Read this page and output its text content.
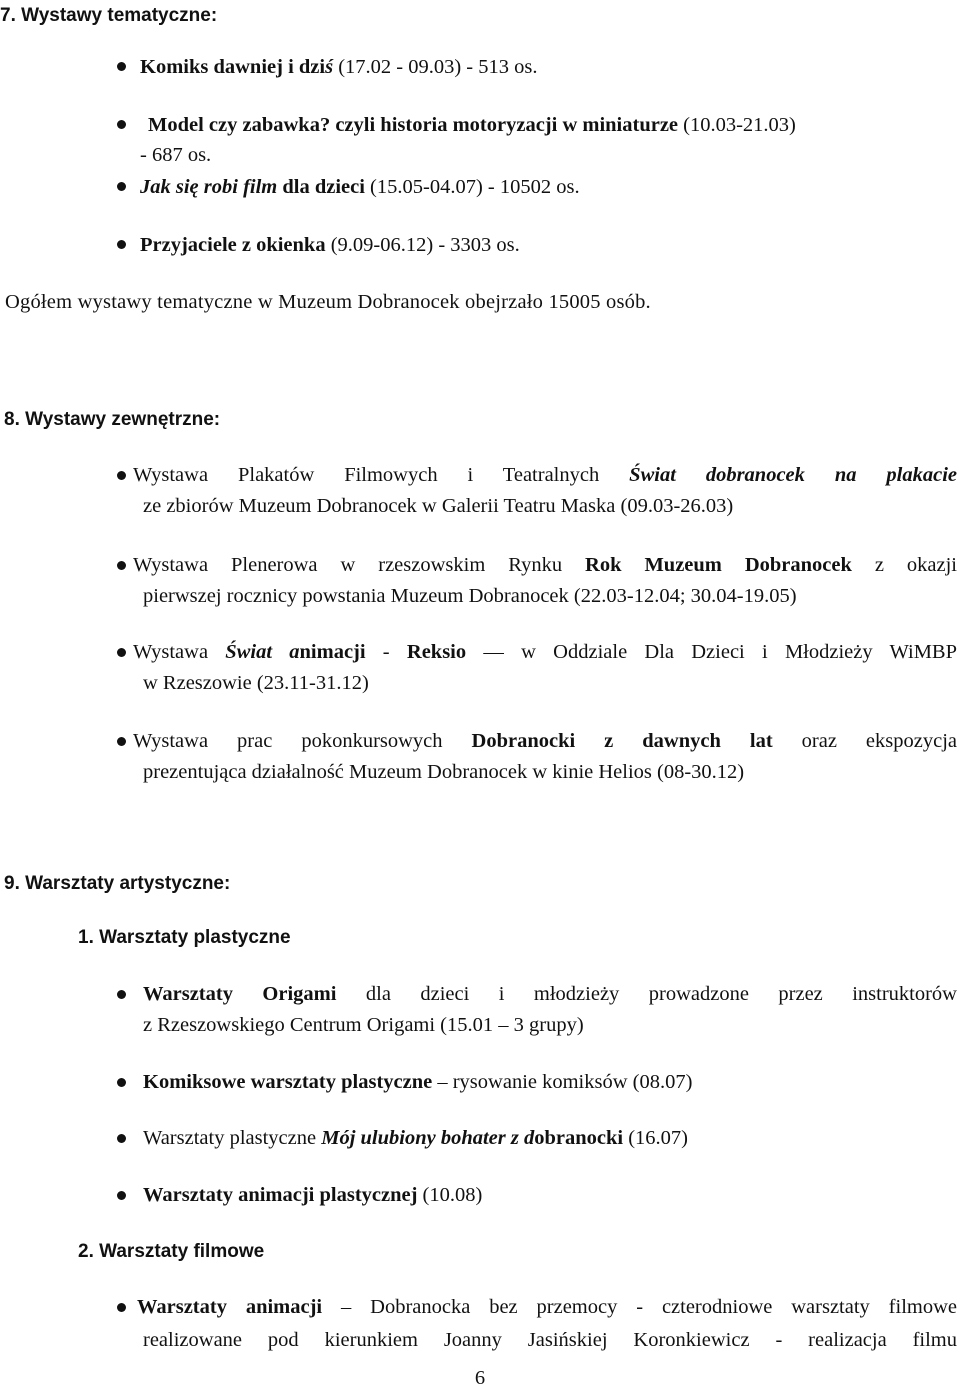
7. Wystawy tematyczne:
Komiks dawniej i dziś (17.02 - 09.03) - 513 os.
Model czy zabawka? czyli historia motoryzacji w miniaturze (10.03-21.03)
- 687 os.
Jak się robi film dla dzieci (15.05-04.07) - 10502 os.
Przyjaciele z okienka (9.09-06.12) - 3303 os.
Ogółem wystawy tematyczne w Muzeum Dobranocek obejrzało 15005 osób.
8. Wystawy zewnętrzne:
Wystawa Plakatów Filmowych i Teatralnych Świat dobranocek na plakacie
ze zbiorów Muzeum Dobranocek w Galerii Teatru Maska (09.03-26.03)
Wystawa Plenerowa w rzeszowskim Rynku Rok Muzeum Dobranocek z okazji
pierwszej rocznicy powstania Muzeum Dobranocek (22.03-12.04; 30.04-19.05)
Wystawa Świat animacji - Reksio — w Oddziale Dla Dzieci i Młodzieży WiMBP
w Rzeszowie (23.11-31.12)
Wystawa prac pokonkursowych Dobranocki z dawnych lat oraz ekspozycja
prezentująca działalność Muzeum Dobranocek w kinie Helios (08-30.12)
9. Warsztaty artystyczne:
1. Warsztaty plastyczne
Warsztaty Origami dla dzieci i młodzieży prowadzone przez instruktorów
z Rzeszowskiego Centrum Origami (15.01 – 3 grupy)
Komiksowe warsztaty plastyczne – rysowanie komiksów (08.07)
Warsztaty plastyczne Mój ulubiony bohater z dobranocki (16.07)
Warsztaty animacji plastycznej (10.08)
2. Warsztaty filmowe
Warsztaty animacji – Dobranocka bez przemocy - czterodniowe warsztaty filmowe
realizowane pod kierunkiem Joanny Jasińskiej Koronkiewicz - realizacja filmu
6
